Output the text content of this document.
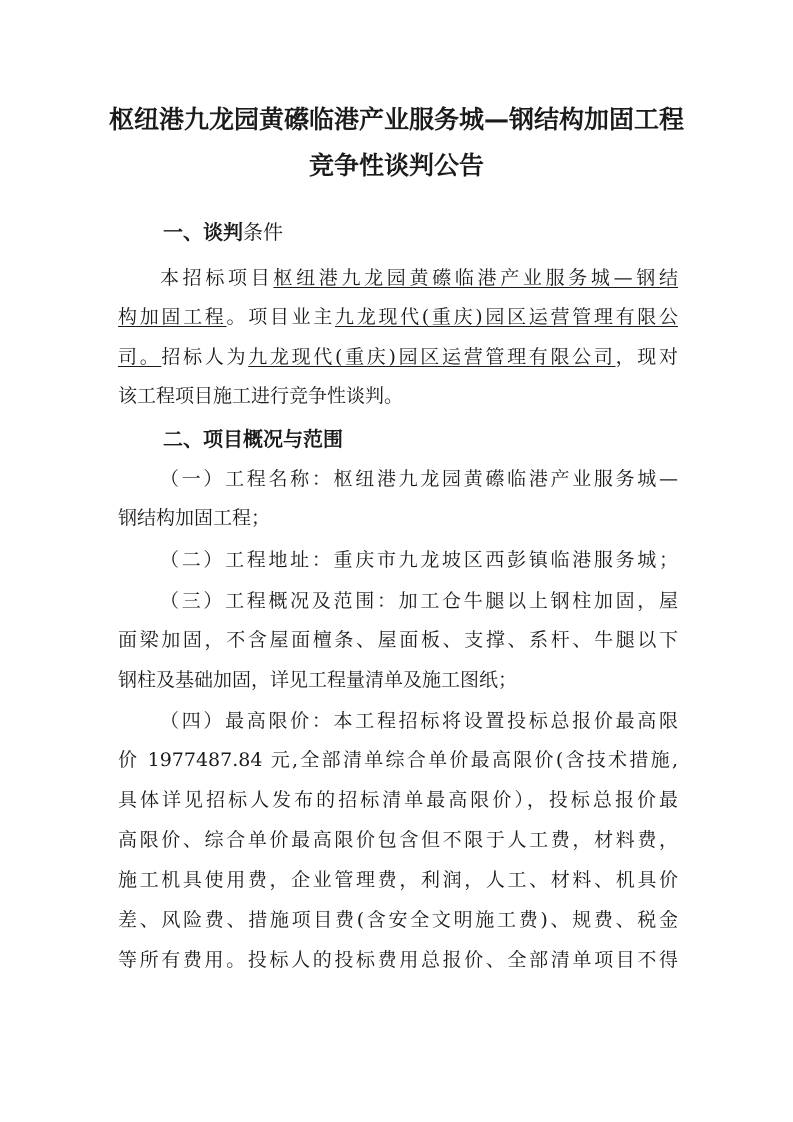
枢纽港九龙园黄礤临港产业服务城—钢结构加固工程
竞争性谈判公告
一、谈判条件
本招标项目枢纽港九龙园黄礤临港产业服务城—钢结
构加固工程。项目业主九龙现代(重庆)园区运营管理有限公
司。招标人为九龙现代(重庆)园区运营管理有限公司，现对
该工程项目施工进行竞争性谈判。
二、项目概况与范围
（一）工程名称：枢纽港九龙园黄礤临港产业服务城—
钢结构加固工程；
（二）工程地址：重庆市九龙坡区西彭镇临港服务城；
（三）工程概况及范围：加工仓牛腿以上钢柱加固，屋
面梁加固，不含屋面檀条、屋面板、支撑、系杆、牛腿以下
钢柱及基础加固，详见工程量清单及施工图纸；
（四）最高限价：本工程招标将设置投标总报价最高限
价 1977487.84 元,全部清单综合单价最高限价(含技术措施,
具体详见招标人发布的招标清单最高限价），投标总报价最
高限价、综合单价最高限价包含但不限于人工费，材料费，
施工机具使用费，企业管理费，利润，人工、材料、机具价
差、风险费、措施项目费(含安全文明施工费)、规费、税金
等所有费用。投标人的投标费用总报价、全部清单项目不得
